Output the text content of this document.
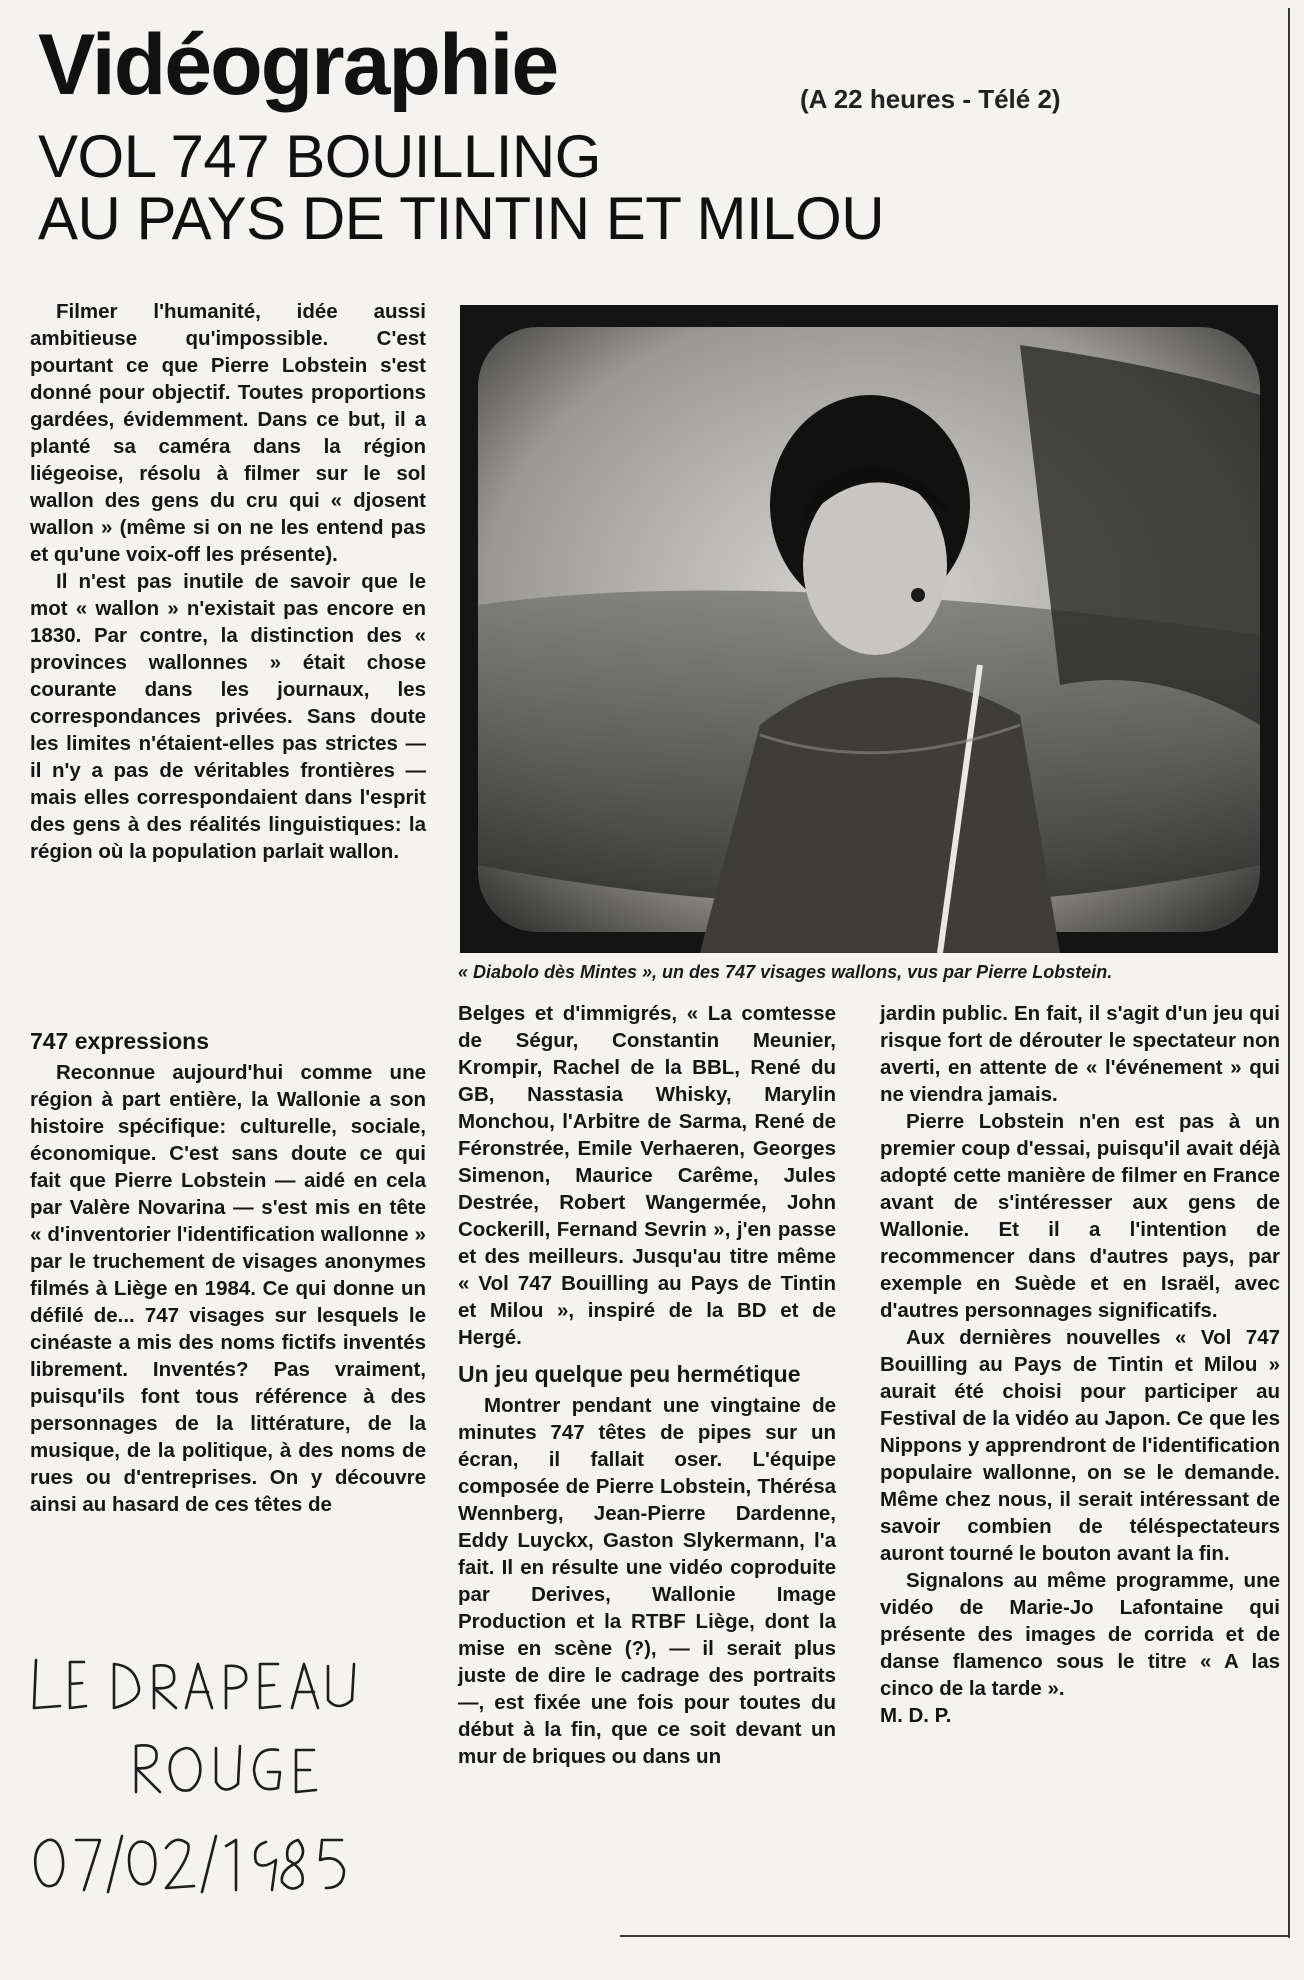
Vidéographie	(A 22 heures - Télé 2)
VOL 747 BOUILLING
AU PAYS DE TINTIN ET MILOU

Filmer l'humanité, idée aussi ambitieuse qu'impossible. C'est pourtant ce que Pierre Lobstein s'est donné pour objectif. Toutes proportions gardées, évidemment. Dans ce but, il a planté sa caméra dans la région liégeoise, résolu à filmer sur le sol wallon des gens du cru qui « djosent wallon » (même si on ne les entend pas et qu'une voix-off les présente).

Il n'est pas inutile de savoir que le mot « wallon » n'existait pas encore en 1830. Par contre, la distinction des « provinces wallonnes » était chose courante dans les journaux, les correspondances privées. Sans doute les limites n'étaient-elles pas strictes — il n'y a pas de véritables frontières — mais elles correspondaient dans l'esprit des gens à des réalités linguistiques: la région où la population parlait wallon.

747 expressions

Reconnue aujourd'hui comme une région à part entière, la Wallonie a son histoire spécifique: culturelle, sociale, économique. C'est sans doute ce qui fait que Pierre Lobstein — aidé en cela par Valère Novarina — s'est mis en tête « d'inventorier l'identification wallonne » par le truchement de visages anonymes filmés à Liège en 1984. Ce qui donne un défilé de... 747 visages sur lesquels le cinéaste a mis des noms fictifs inventés librement. Inventés? Pas vraiment, puisqu'ils font tous référence à des personnages de la littérature, de la musique, de la politique, à des noms de rues ou d'entreprises. On y découvre ainsi au hasard de ces têtes de

« Diabolo dès Mintes », un des 747 visages wallons, vus par Pierre Lobstein.

Belges et d'immigrés, « La comtesse de Ségur, Constantin Meunier, Krompir, Rachel de la BBL, René du GB, Nasstasia Whisky, Marylin Monchou, l'Arbitre de Sarma, René de Féronstrée, Emile Verhaeren, Georges Simenon, Maurice Carême, Jules Destrée, Robert Wangermée, John Cockerill, Fernand Sevrin », j'en passe et des meilleurs. Jusqu'au titre même « Vol 747 Bouilling au Pays de Tintin et Milou », inspiré de la BD et de Hergé.

Un jeu quelque peu hermétique

Montrer pendant une vingtaine de minutes 747 têtes de pipes sur un écran, il fallait oser. L'équipe composée de Pierre Lobstein, Thérésa Wennberg, Jean-Pierre Dardenne, Eddy Luyckx, Gaston Slykermann, l'a fait. Il en résulte une vidéo coproduite par Derives, Wallonie Image Production et la RTBF Liège, dont la mise en scène (?), — il serait plus juste de dire le cadrage des portraits —, est fixée une fois pour toutes du début à la fin, que ce soit devant un mur de briques ou dans un

jardin public. En fait, il s'agit d'un jeu qui risque fort de dérouter le spectateur non averti, en attente de « l'événement » qui ne viendra jamais.

Pierre Lobstein n'en est pas à un premier coup d'essai, puisqu'il avait déjà adopté cette manière de filmer en France avant de s'intéresser aux gens de Wallonie. Et il a l'intention de recommencer dans d'autres pays, par exemple en Suède et en Israël, avec d'autres personnages significatifs.

Aux dernières nouvelles « Vol 747 Bouilling au Pays de Tintin et Milou » aurait été choisi pour participer au Festival de la vidéo au Japon. Ce que les Nippons y apprendront de l'identification populaire wallonne, on se le demande. Même chez nous, il serait intéressant de savoir combien de téléspectateurs auront tourné le bouton avant la fin.

Signalons au même programme, une vidéo de Marie-Jo Lafontaine qui présente des images de corrida et de danse flamenco sous le titre « A las cinco de la tarde ».

M. D. P.
